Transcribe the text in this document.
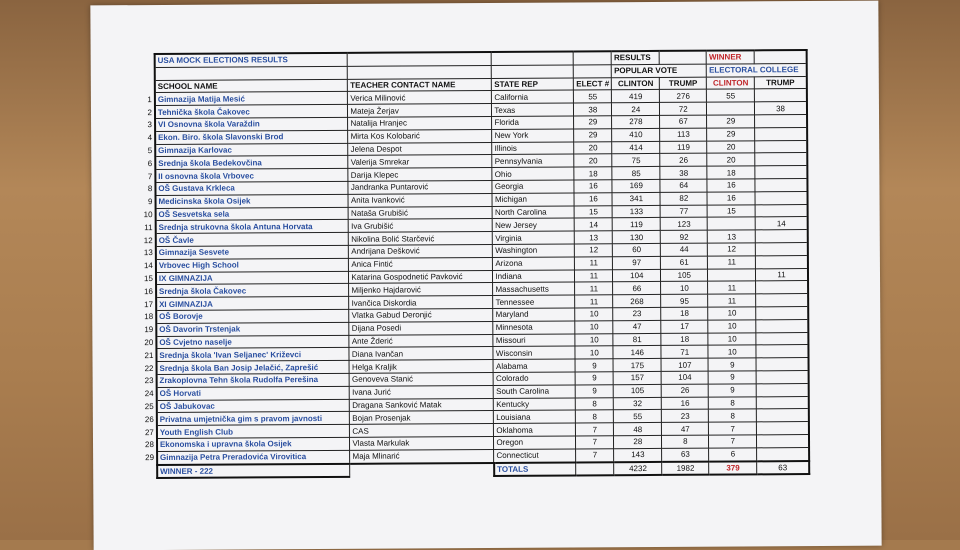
	USA MOCK ELECTIONS RESULTS				RESULTS		WINNER	
					POPULAR VOTE		ELECTORAL COLLEGE	
	SCHOOL NAME	TEACHER CONTACT NAME	STATE REP	ELECT #	CLINTON	TRUMP	CLINTON	TRUMP
1	Gimnazija Matija Mesić	Verica Milinović	California	55	419	276	55	
2	Tehnička škola Čakovec	Mateja Žerjav	Texas	38	24	72		38
3	VI Osnovna škola Varaždin	Natalija Hranjec	Florida	29	278	67	29	
4	Ekon. Biro. škola Slavonski Brod	Mirta Kos Kolobarić	New York	29	410	113	29	
5	Gimnazija Karlovac	Jelena Despot	Illinois	20	414	119	20	
6	Srednja škola Bedekovčina	Valerija Smrekar	Pennsylvania	20	75	26	20	
7	II osnovna škola Vrbovec	Darija Klepec	Ohio	18	85	38	18	
8	OŠ Gustava Krkleca	Jandranka Puntarović	Georgia	16	169	64	16	
9	Medicinska škola Osijek	Anita Ivanković	Michigan	16	341	82	16	
10	OŠ Sesvetska sela	Nataša Grubišić	North Carolina	15	133	77	15	
11	Srednja strukovna škola Antuna Horvata	Iva Grubišić	New Jersey	14	119	123		14
12	OŠ Čavle	Nikolina Bolić Starčević	Virginia	13	130	92	13	
13	Gimnazija Sesvete	Andrijana Dešković	Washington	12	60	44	12	
14	Vrbovec High School	Anica Fintić	Arizona	11	97	61	11	
15	IX GIMNAZIJA	Katarina Gospodnetić Pavković	Indiana	11	104	105		11
16	Srednja škola Čakovec	Miljenko Hajdarović	Massachusetts	11	66	10	11	
17	XI GIMNAZIJA	Ivančica Diskordia	Tennessee	11	268	95	11	
18	OŠ Borovje	Vlatka Gabud Deronjić	Maryland	10	23	18	10	
19	OŠ Davorin Trstenjak	Dijana Posedi	Minnesota	10	47	17	10	
20	OŠ Cvjetno naselje	Ante Žderić	Missouri	10	81	18	10	
21	Srednja škola 'Ivan Seljanec' Križevci	Diana Ivančan	Wisconsin	10	146	71	10	
22	Srednja škola Ban Josip Jelačić, Zaprešić	Helga Kraljik	Alabama	9	175	107	9	
23	Zrakoplovna Tehn škola Rudolfa Perešina	Genoveva Stanić	Colorado	9	157	104	9	
24	OŠ Horvati	Ivana Jurić	South Carolina	9	105	26	9	
25	OŠ Jabukovac	Dragana Sanković Matak	Kentucky	8	32	16	8	
26	Privatna umjetnička gim s pravom javnosti	Bojan Prosenjak	Louisiana	8	55	23	8	
27	Youth English Club	CAS	Oklahoma	7	48	47	7	
28	Ekonomska i upravna škola Osijek	Vlasta Markulak	Oregon	7	28	8	7	
29	Gimnazija Petra Preradovića Virovitica	Maja Mlinarić	Connecticut	7	143	63	6	
	WINNER - 222		TOTALS		4232	1982	379	63
